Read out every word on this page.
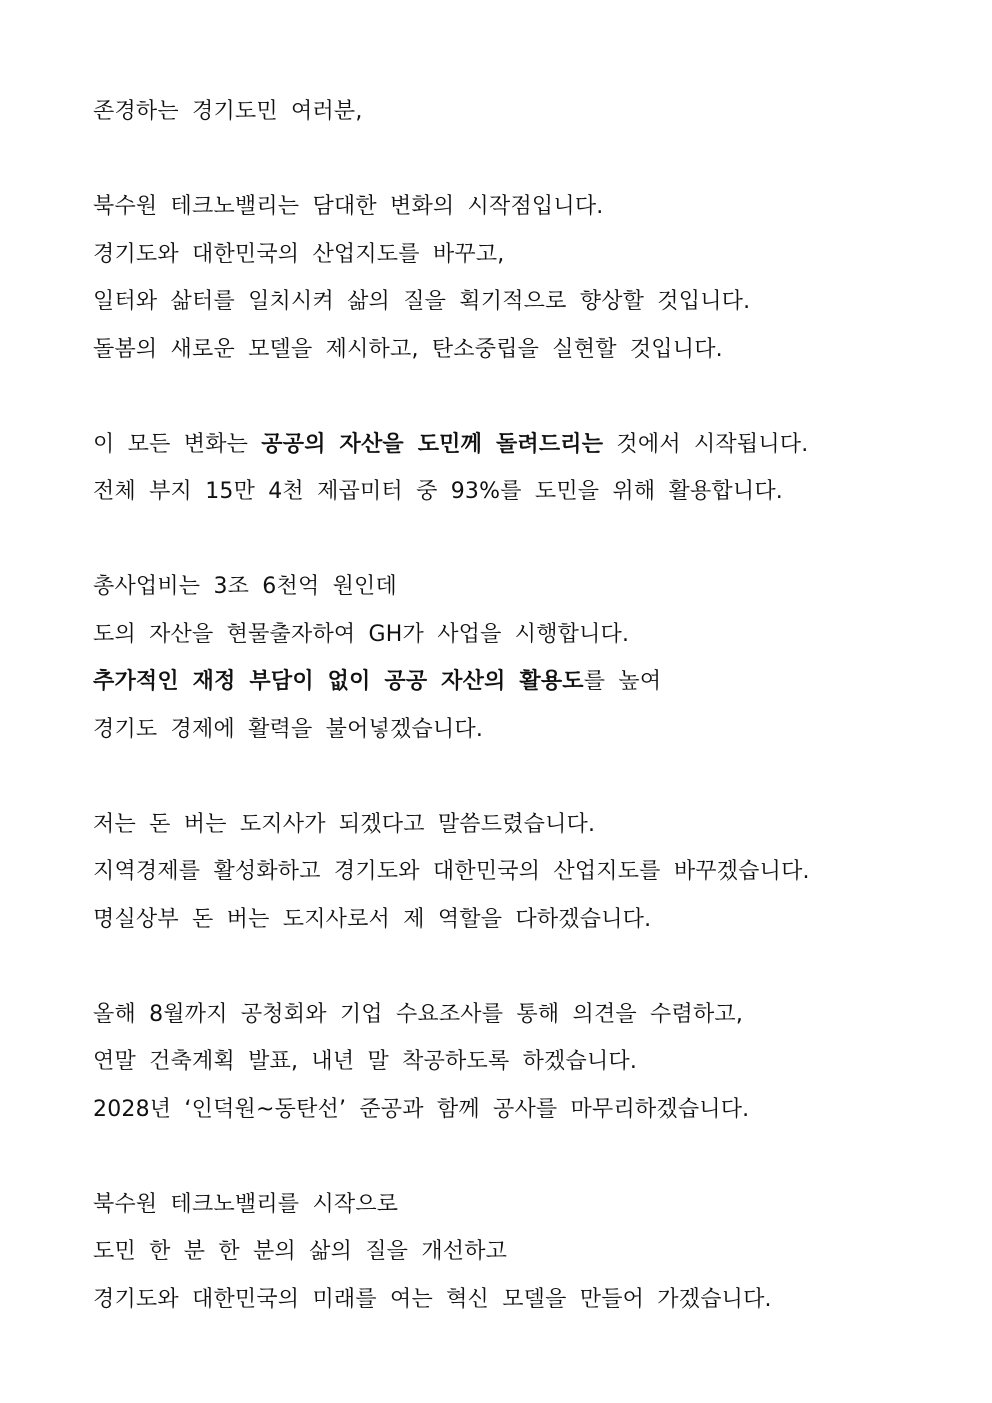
존경하는 경기도민 여러분,
북수원 테크노밸리는 담대한 변화의 시작점입니다.
경기도와 대한민국의 산업지도를 바꾸고,
일터와 삶터를 일치시켜 삶의 질을 획기적으로 향상할 것입니다.
돌봄의 새로운 모델을 제시하고, 탄소중립을 실현할 것입니다.
이 모든 변화는 공공의 자산을 도민께 돌려드리는 것에서 시작됩니다.
전체 부지 15만 4천 제곱미터 중 93%를 도민을 위해 활용합니다.
총사업비는 3조 6천억 원인데
도의 자산을 현물출자하여 GH가 사업을 시행합니다.
추가적인 재정 부담이 없이 공공 자산의 활용도를 높여
경기도 경제에 활력을 불어넣겠습니다.
저는 돈 버는 도지사가 되겠다고 말씀드렸습니다.
지역경제를 활성화하고 경기도와 대한민국의 산업지도를 바꾸겠습니다.
명실상부 돈 버는 도지사로서 제 역할을 다하겠습니다.
올해 8월까지 공청회와 기업 수요조사를 통해 의견을 수렴하고,
연말 건축계획 발표, 내년 말 착공하도록 하겠습니다.
2028년 ‘인덕원~동탄선’ 준공과 함께 공사를 마무리하겠습니다.
북수원 테크노밸리를 시작으로
도민 한 분 한 분의 삶의 질을 개선하고
경기도와 대한민국의 미래를 여는 혁신 모델을 만들어 가겠습니다.
